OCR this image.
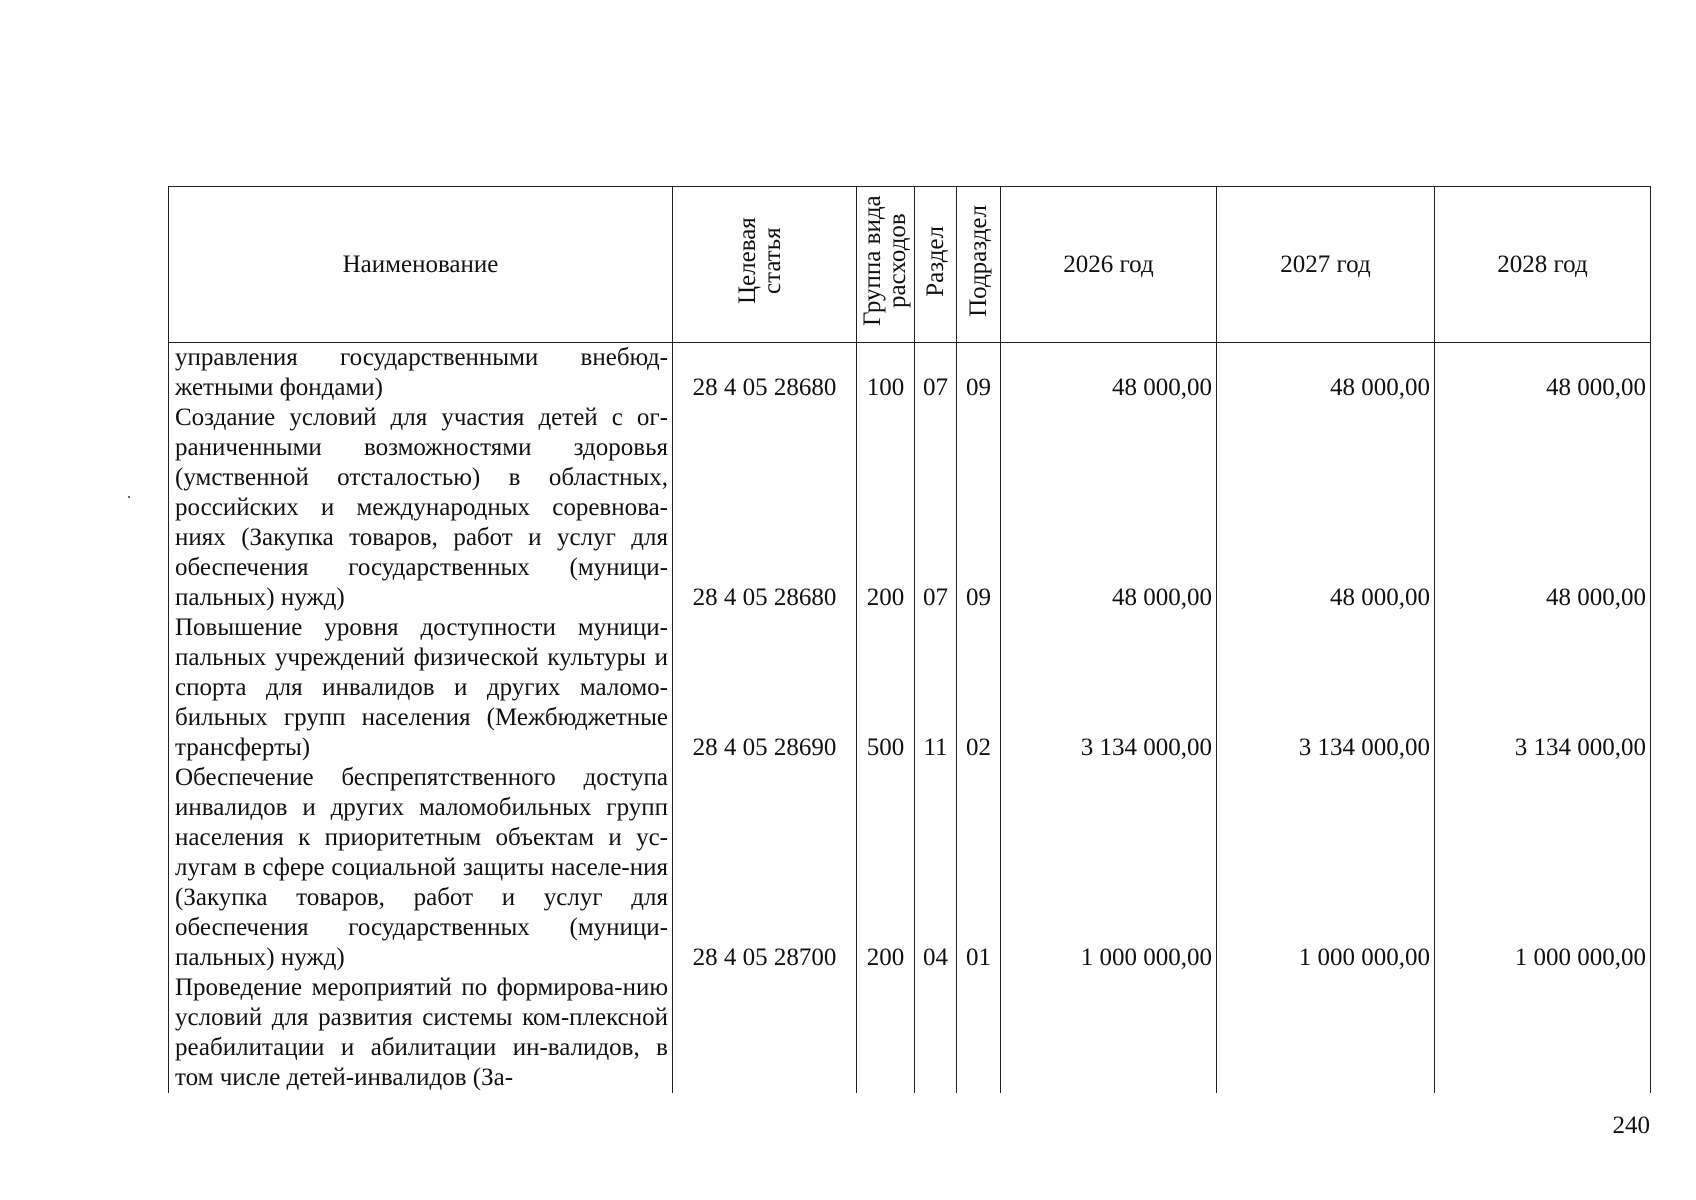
Наименование	Целевая статья	Группа вида расходов	Раздел	Подраздел	2026 год	2027 год	2028 год
управления государственными внебюд-жетными фондами)	28 4 05 28680	100	07	09	48 000,00	48 000,00	48 000,00
Создание условий для участия детей с ог-раниченными возможностями здоровья (умственной отсталостью) в областных, российских и международных соревнова-ниях (Закупка товаров, работ и услуг для обеспечения государственных (муници-пальных) нужд)	28 4 05 28680	200	07	09	48 000,00	48 000,00	48 000,00
Повышение уровня доступности муници-пальных учреждений физической культуры и спорта для инвалидов и других маломо-бильных групп населения (Межбюджетные трансферты)	28 4 05 28690	500	11	02	3 134 000,00	3 134 000,00	3 134 000,00
Обеспечение беспрепятственного доступа инвалидов и других маломобильных групп населения к приоритетным объектам и ус-лугам в сфере социальной защиты населе-ния (Закупка товаров, работ и услуг для обеспечения государственных (муници-пальных) нужд)	28 4 05 28700	200	04	01	1 000 000,00	1 000 000,00	1 000 000,00
Проведение мероприятий по формирова-нию условий для развития системы ком-плексной реабилитации и абилитации ин-валидов, в том числе детей-инвалидов (За-							
240
